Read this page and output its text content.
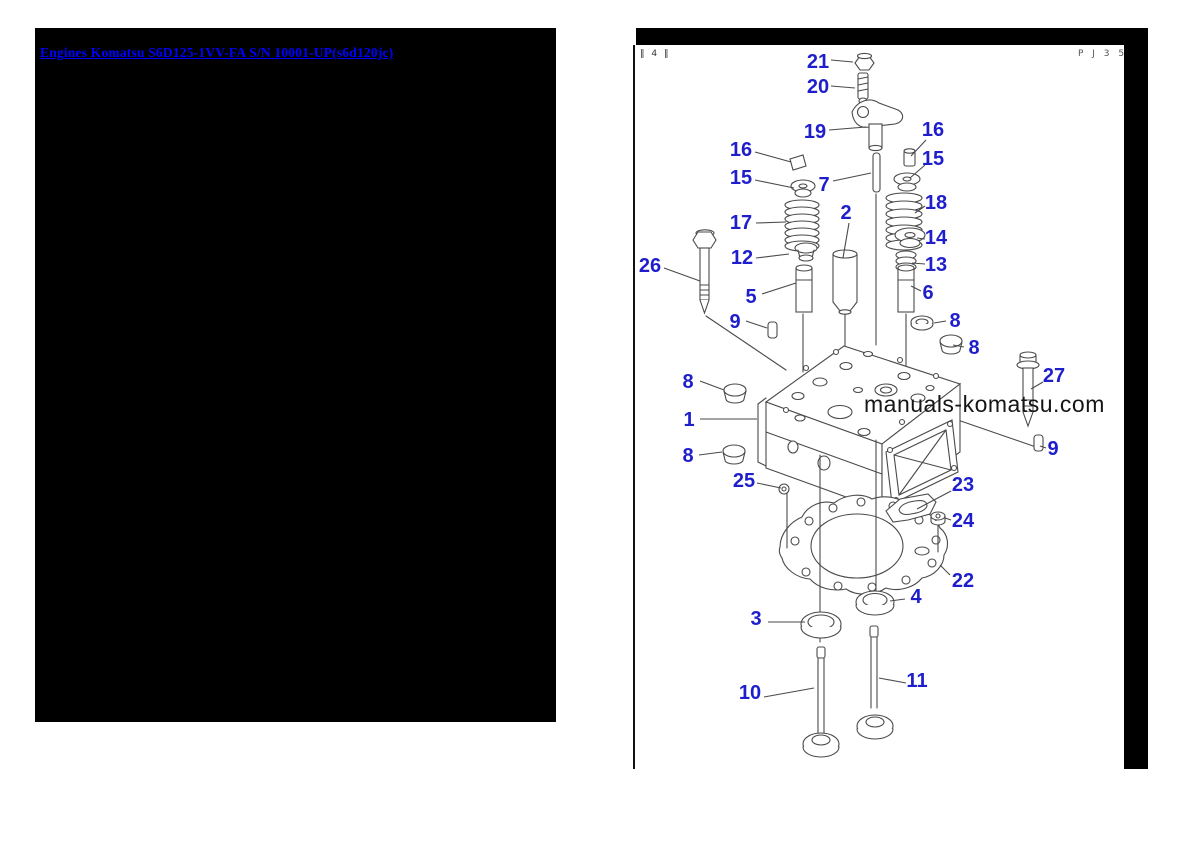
Engines Komatsu S6D125-1VV-FA S/N 10001-UP(s6d120jc)	‖ 4 ‖	P J 3 5
manuals-komatsu.com
21
20
19	16
15
16
15	7
2
17
18
14
12	13
26
5	6
9	8
8
27
8
1
9
8
25	23
24
22
4
3
10
11
